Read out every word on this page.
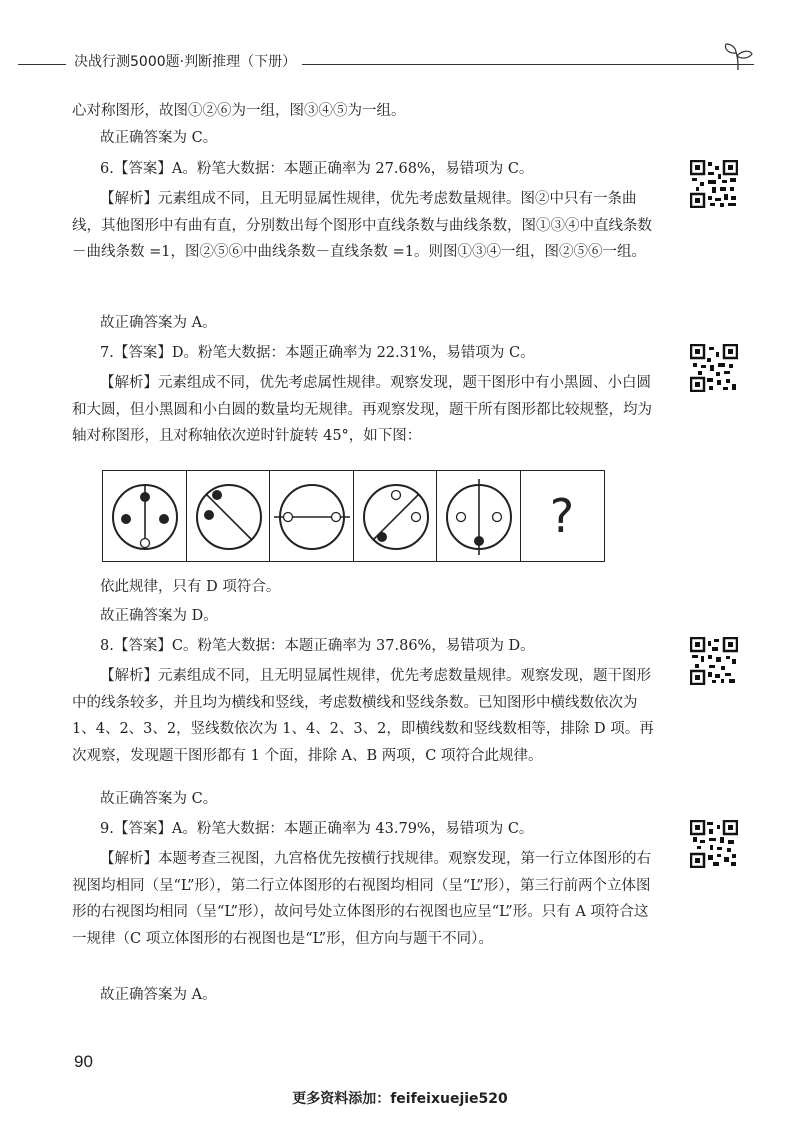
决战行测5000题·判断推理（下册）

心对称图形，故图①②⑥为一组，图③④⑤为一组。

故正确答案为 C。

6.【答案】A。粉笔大数据：本题正确率为 27.68%，易错项为 C。

【解析】元素组成不同，且无明显属性规律，优先考虑数量规律。图②中只有一条曲线，其他图形中有曲有直，分别数出每个图形中直线条数与曲线条数，图①③④中直线条数－曲线条数 =1，图②⑤⑥中曲线条数－直线条数 =1。则图①③④一组，图②⑤⑥一组。

故正确答案为 A。

7.【答案】D。粉笔大数据：本题正确率为 22.31%，易错项为 C。

【解析】元素组成不同，优先考虑属性规律。观察发现，题干图形中有小黑圆、小白圆和大圆，但小黑圆和小白圆的数量均无规律。再观察发现，题干所有图形都比较规整，均为轴对称图形，且对称轴依次逆时针旋转 45°，如下图：

?

依此规律，只有 D 项符合。

故正确答案为 D。

8.【答案】C。粉笔大数据：本题正确率为 37.86%，易错项为 D。

【解析】元素组成不同，且无明显属性规律，优先考虑数量规律。观察发现，题干图形中的线条较多，并且均为横线和竖线，考虑数横线和竖线条数。已知图形中横线数依次为 1、4、2、3、2，竖线数依次为 1、4、2、3、2，即横线数和竖线数相等，排除 D 项。再次观察，发现题干图形都有 1 个面，排除 A、B 两项，C 项符合此规律。

故正确答案为 C。

9.【答案】A。粉笔大数据：本题正确率为 43.79%，易错项为 C。

【解析】本题考查三视图，九宫格优先按横行找规律。观察发现，第一行立体图形的右视图均相同（呈“L”形），第二行立体图形的右视图均相同（呈“L”形），第三行前两个立体图形的右视图均相同（呈“L”形），故问号处立体图形的右视图也应呈“L”形。只有 A 项符合这一规律（C 项立体图形的右视图也是“L”形，但方向与题干不同）。

故正确答案为 A。

90
更多资料添加：feifeixuejie520
